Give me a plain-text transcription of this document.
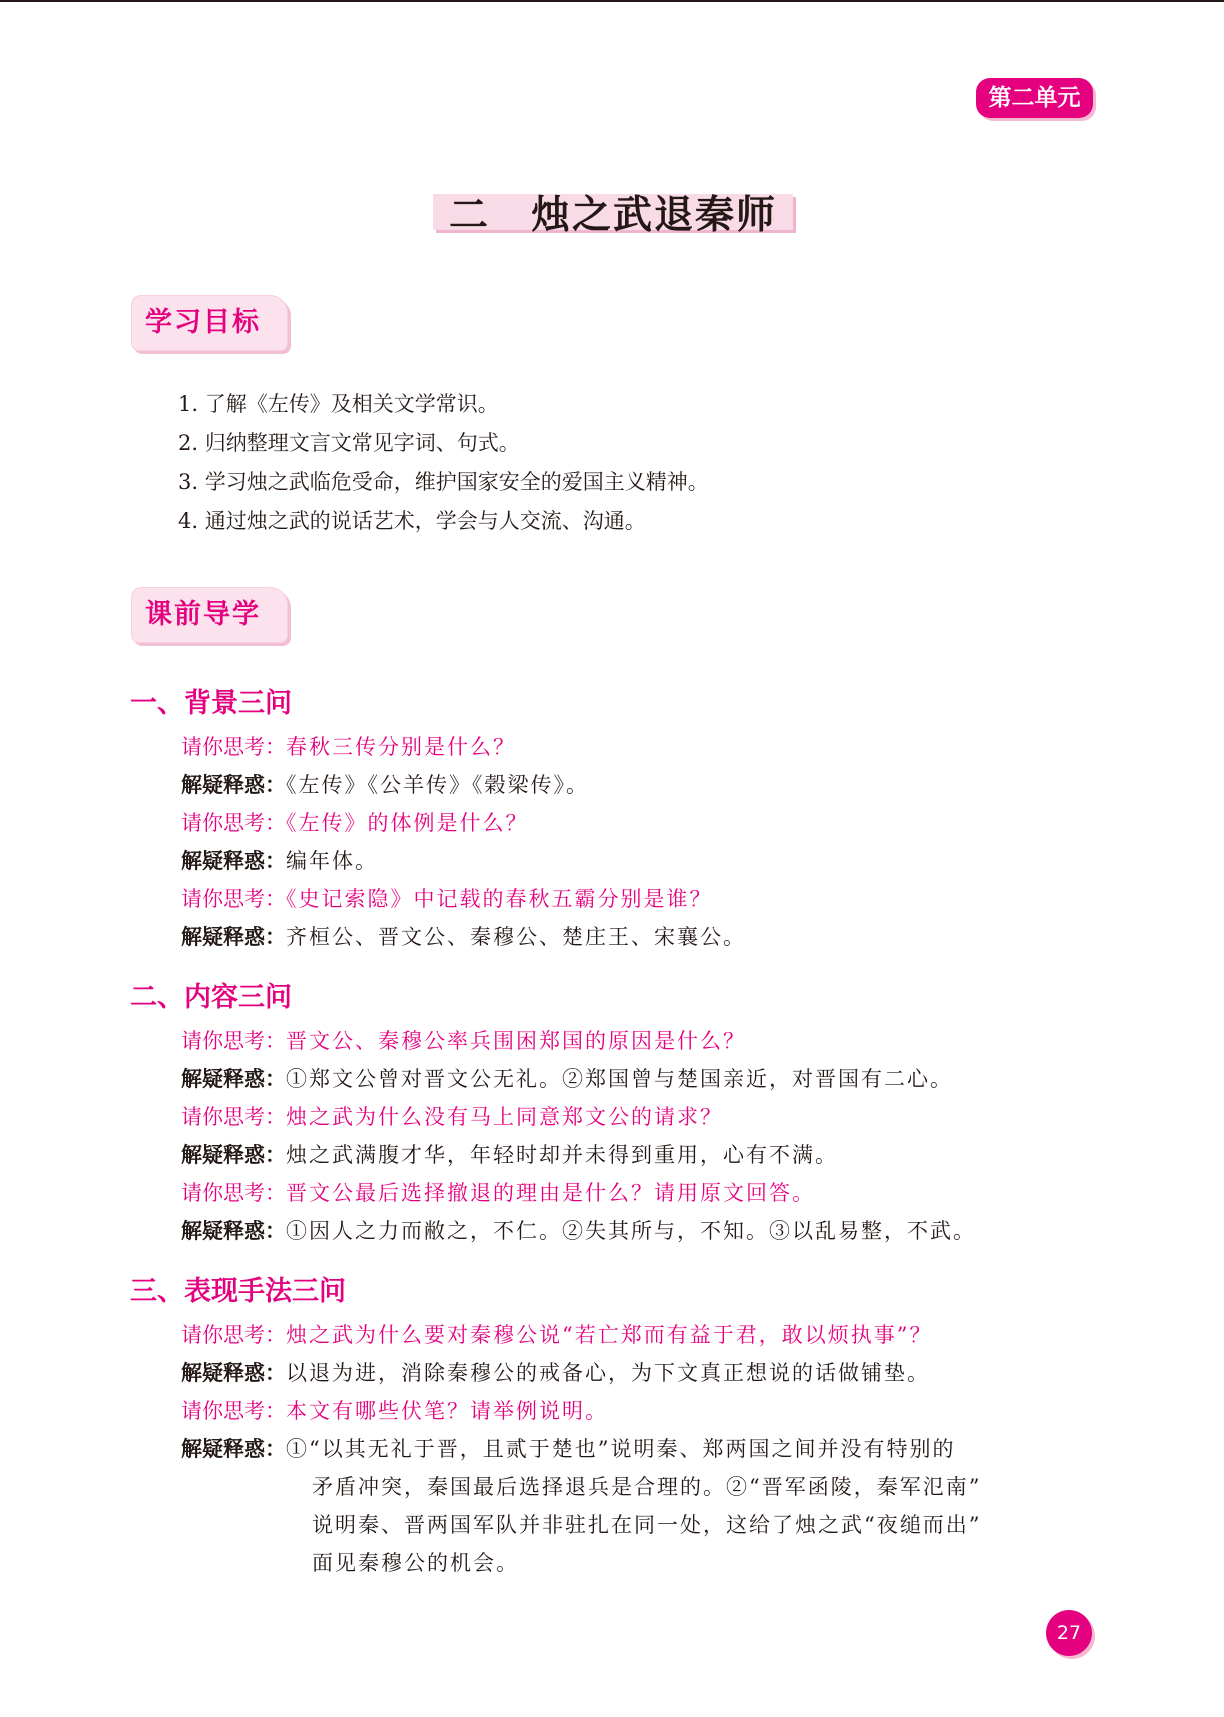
第二单元
二　烛之武退秦师
学习目标
1. 了解《左传》及相关文学常识。
2. 归纳整理文言文常见字词、句式。
3. 学习烛之武临危受命，维护国家安全的爱国主义精神。
4. 通过烛之武的说话艺术，学会与人交流、沟通。
课前导学
一、背景三问
请你思考：春秋三传分别是什么？
解疑释惑：《左传》《公羊传》《榖梁传》。
请你思考：《左传》的体例是什么？
解疑释惑：编年体。
请你思考：《史记索隐》中记载的春秋五霸分别是谁？
解疑释惑：齐桓公、晋文公、秦穆公、楚庄王、宋襄公。
二、内容三问
请你思考：晋文公、秦穆公率兵围困郑国的原因是什么？
解疑释惑：①郑文公曾对晋文公无礼。②郑国曾与楚国亲近，对晋国有二心。
请你思考：烛之武为什么没有马上同意郑文公的请求？
解疑释惑：烛之武满腹才华，年轻时却并未得到重用，心有不满。
请你思考：晋文公最后选择撤退的理由是什么？请用原文回答。
解疑释惑：①因人之力而敝之，不仁。②失其所与，不知。③以乱易整，不武。
三、表现手法三问
请你思考：烛之武为什么要对秦穆公说“若亡郑而有益于君，敢以烦执事”？
解疑释惑：以退为进，消除秦穆公的戒备心，为下文真正想说的话做铺垫。
请你思考：本文有哪些伏笔？请举例说明。
解疑释惑：①“以其无礼于晋，且贰于楚也”说明秦、郑两国之间并没有特别的
矛盾冲突，秦国最后选择退兵是合理的。②“晋军函陵，秦军氾南”
说明秦、晋两国军队并非驻扎在同一处，这给了烛之武“夜缒而出”
面见秦穆公的机会。
27
